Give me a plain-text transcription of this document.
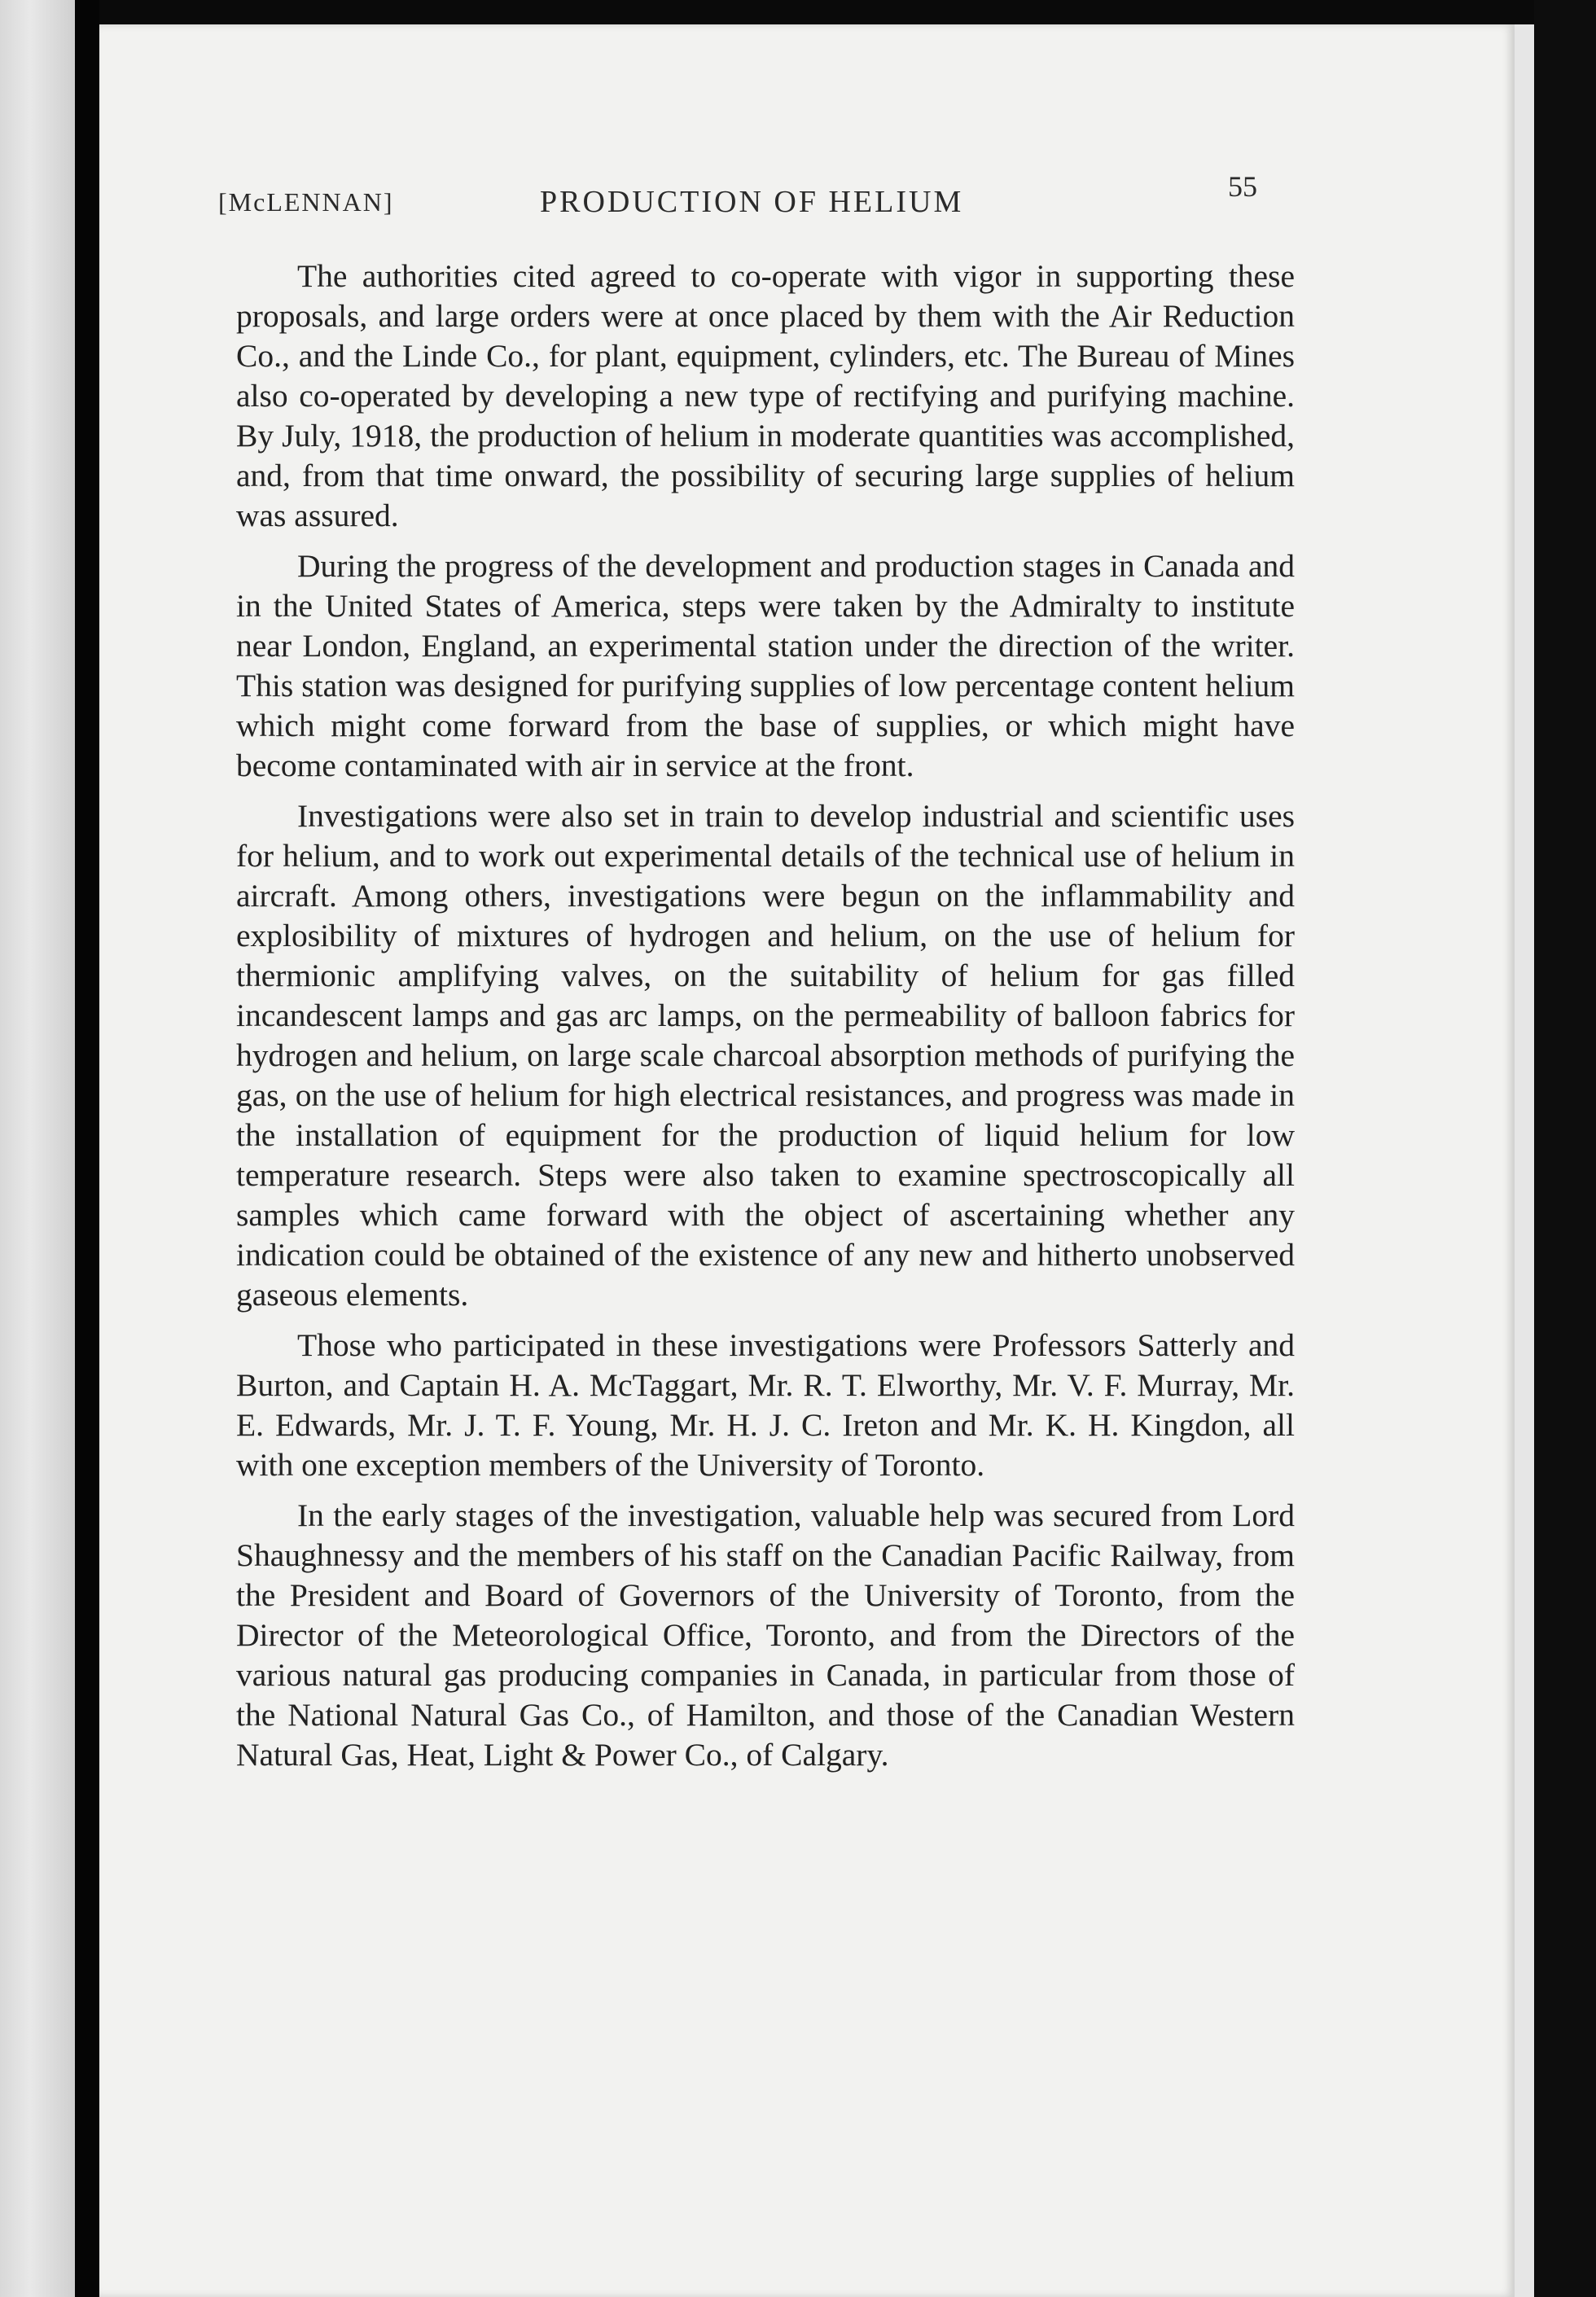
[McLENNAN]	PRODUCTION OF HELIUM	55

The authorities cited agreed to co-operate with vigor in supporting these proposals, and large orders were at once placed by them with the Air Reduction Co., and the Linde Co., for plant, equipment, cylinders, etc. The Bureau of Mines also co-operated by developing a new type of rectifying and purifying machine. By July, 1918, the production of helium in moderate quantities was accomplished, and, from that time onward, the possibility of securing large supplies of helium was assured.

During the progress of the development and production stages in Canada and in the United States of America, steps were taken by the Admiralty to institute near London, England, an experimental station under the direction of the writer. This station was designed for purifying supplies of low percentage content helium which might come forward from the base of supplies, or which might have become contaminated with air in service at the front.

Investigations were also set in train to develop industrial and scientific uses for helium, and to work out experimental details of the technical use of helium in aircraft. Among others, investigations were begun on the inflammability and explosibility of mixtures of hydrogen and helium, on the use of helium for thermionic amplifying valves, on the suitability of helium for gas filled incandescent lamps and gas arc lamps, on the permeability of balloon fabrics for hydrogen and helium, on large scale charcoal absorption methods of purifying the gas, on the use of helium for high electrical resistances, and progress was made in the installation of equipment for the production of liquid helium for low temperature research. Steps were also taken to examine spectroscopically all samples which came forward with the object of ascertaining whether any indication could be obtained of the existence of any new and hitherto unobserved gaseous elements.

Those who participated in these investigations were Professors Satterly and Burton, and Captain H. A. McTaggart, Mr. R. T. Elworthy, Mr. V. F. Murray, Mr. E. Edwards, Mr. J. T. F. Young, Mr. H. J. C. Ireton and Mr. K. H. Kingdon, all with one exception members of the University of Toronto.

In the early stages of the investigation, valuable help was secured from Lord Shaughnessy and the members of his staff on the Canadian Pacific Railway, from the President and Board of Governors of the University of Toronto, from the Director of the Meteorological Office, Toronto, and from the Directors of the various natural gas producing companies in Canada, in particular from those of the National Natural Gas Co., of Hamilton, and those of the Canadian Western Natural Gas, Heat, Light & Power Co., of Calgary.
